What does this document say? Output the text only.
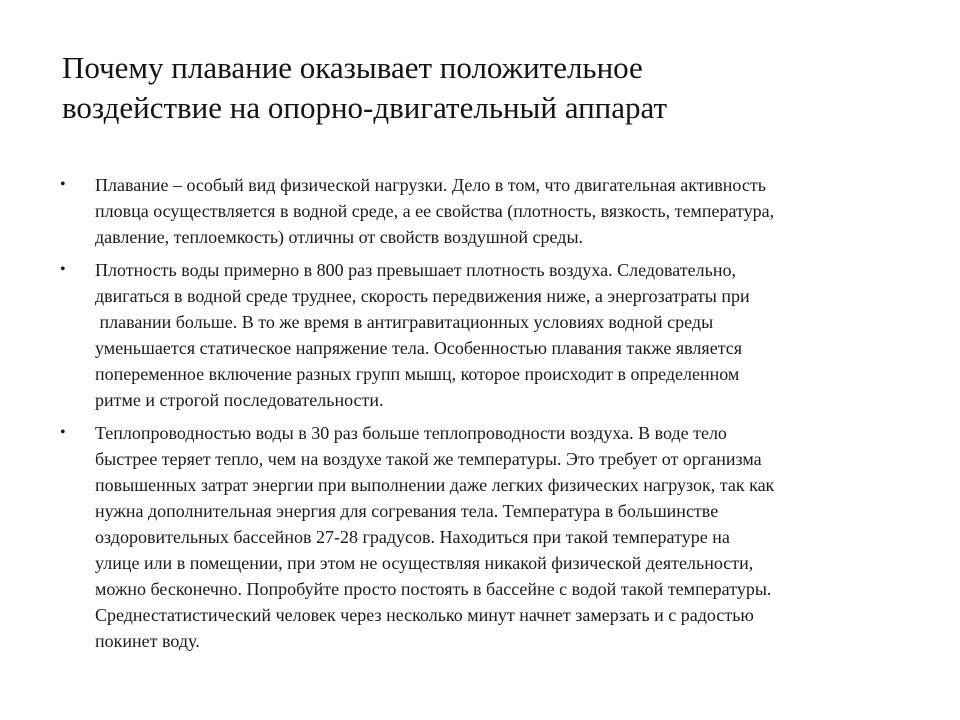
Почему плавание оказывает положительное
воздействие на опорно-двигательный аппарат
• Плавание – особый вид физической нагрузки. Дело в том, что двигательная активность
пловца осуществляется в водной среде, а ее свойства (плотность, вязкость, температура,
давление, теплоемкость) отличны от свойств воздушной среды.
• Плотность воды примерно в 800 раз превышает плотность воздуха. Следовательно,
двигаться в водной среде труднее, скорость передвижения ниже, а энергозатраты при
плавании больше. В то же время в антигравитационных условиях водной среды
уменьшается статическое напряжение тела. Особенностью плавания также является
попеременное включение разных групп мышц, которое происходит в определенном
ритме и строгой последовательности.
• Теплопроводностью воды в 30 раз больше теплопроводности воздуха. В воде тело
быстрее теряет тепло, чем на воздухе такой же температуры. Это требует от организма
повышенных затрат энергии при выполнении даже легких физических нагрузок, так как
нужна дополнительная энергия для согревания тела. Температура в большинстве
оздоровительных бассейнов 27-28 градусов. Находиться при такой температуре на
улице или в помещении, при этом не осуществляя никакой физической деятельности,
можно бесконечно. Попробуйте просто постоять в бассейне с водой такой температуры.
Среднестатистический человек через несколько минут начнет замерзать и с радостью
покинет воду.
